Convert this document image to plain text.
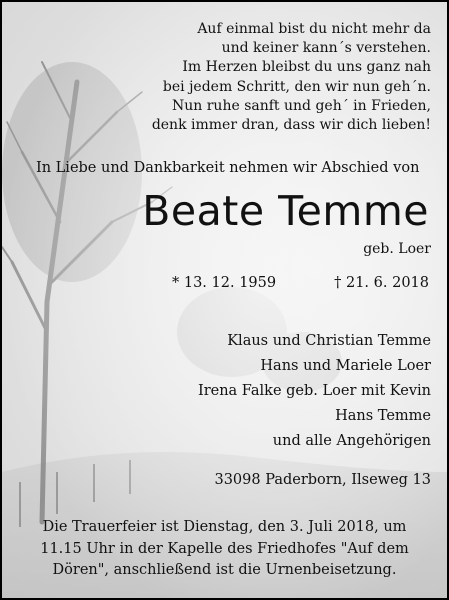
Auf einmal bist du nicht mehr da
und keiner kann´s verstehen.
Im Herzen bleibst du uns ganz nah
bei jedem Schritt, den wir nun geh´n.
Nun ruhe sanft und geh´ in Frieden,
denk immer dran, dass wir dich lieben!
In Liebe und Dankbarkeit nehmen wir Abschied von
Beate Temme
geb. Loer
* 13. 12. 1959	† 21. 6. 2018
Klaus und Christian Temme
Hans und Mariele Loer
Irena Falke geb. Loer mit Kevin
Hans Temme
und alle Angehörigen
33098 Paderborn, Ilseweg 13
Die Trauerfeier ist Dienstag, den 3. Juli 2018, um
11.15 Uhr in der Kapelle des Friedhofes "Auf dem
Dören", anschließend ist die Urnenbeisetzung.
